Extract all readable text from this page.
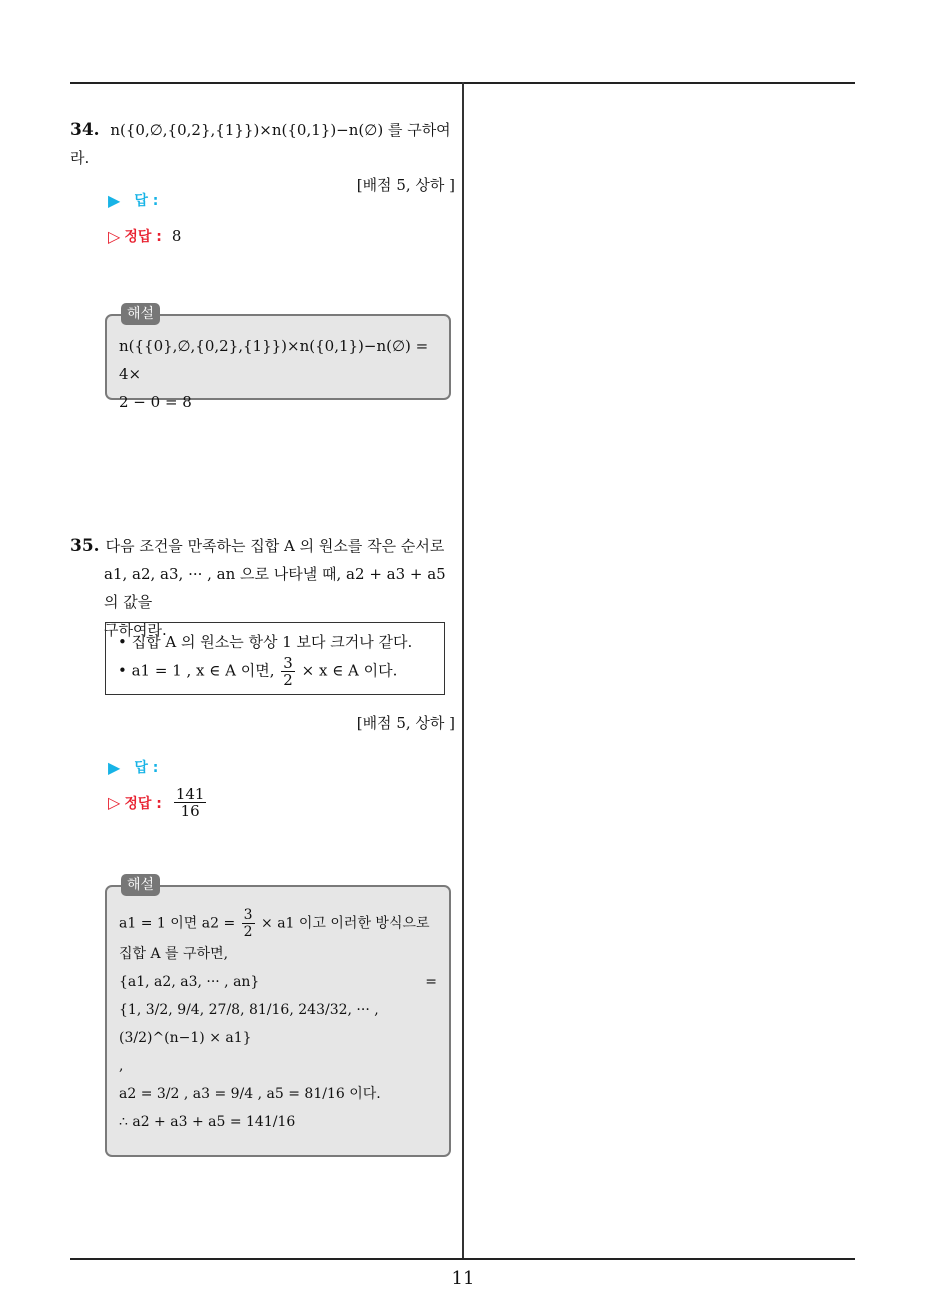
11
34. n({0,∅,{0,2},{1}})×n({0,1})−n(∅) 를 구하여라.
[배점 5, 상하 ]
▶ 답 :
▷ 정답 : 8
해설
n({{0},∅,{0,2},{1}})×n({0,1})−n(∅) = 4×
2 − 0 = 8
35. 다음 조건을 만족하는 집합 A 의 원소를 작은 순서로
a1, a2, a3, ··· , an 으로 나타낼 때, a2 + a3 + a5 의 값을
구하여라.
• 집합 A 의 원소는 항상 1 보다 크거나 같다.
• a1 = 1 , x ∈ A 이면, $\frac{3}{2} \times x$ ∈ A 이다.
[배점 5, 상하 ]
▶ 답 :
▷ 정답 : $\frac{141}{16}$
해설
a1 = 1 이면 $a2 = \frac{3}{2} \times a1$ 이고 이러한 방식으로
집합 A 를 구하면,
{a1, a2, a3, ··· , an}	=
{1, 3/2, 9/4, 27/8, 81/16, 243/32, ··· , (3/2)^(n−1) × a1}
,
a2 = 3/2 , a3 = 9/4 , a5 = 81/16 이다.
∴ a2 + a3 + a5 = 141/16
